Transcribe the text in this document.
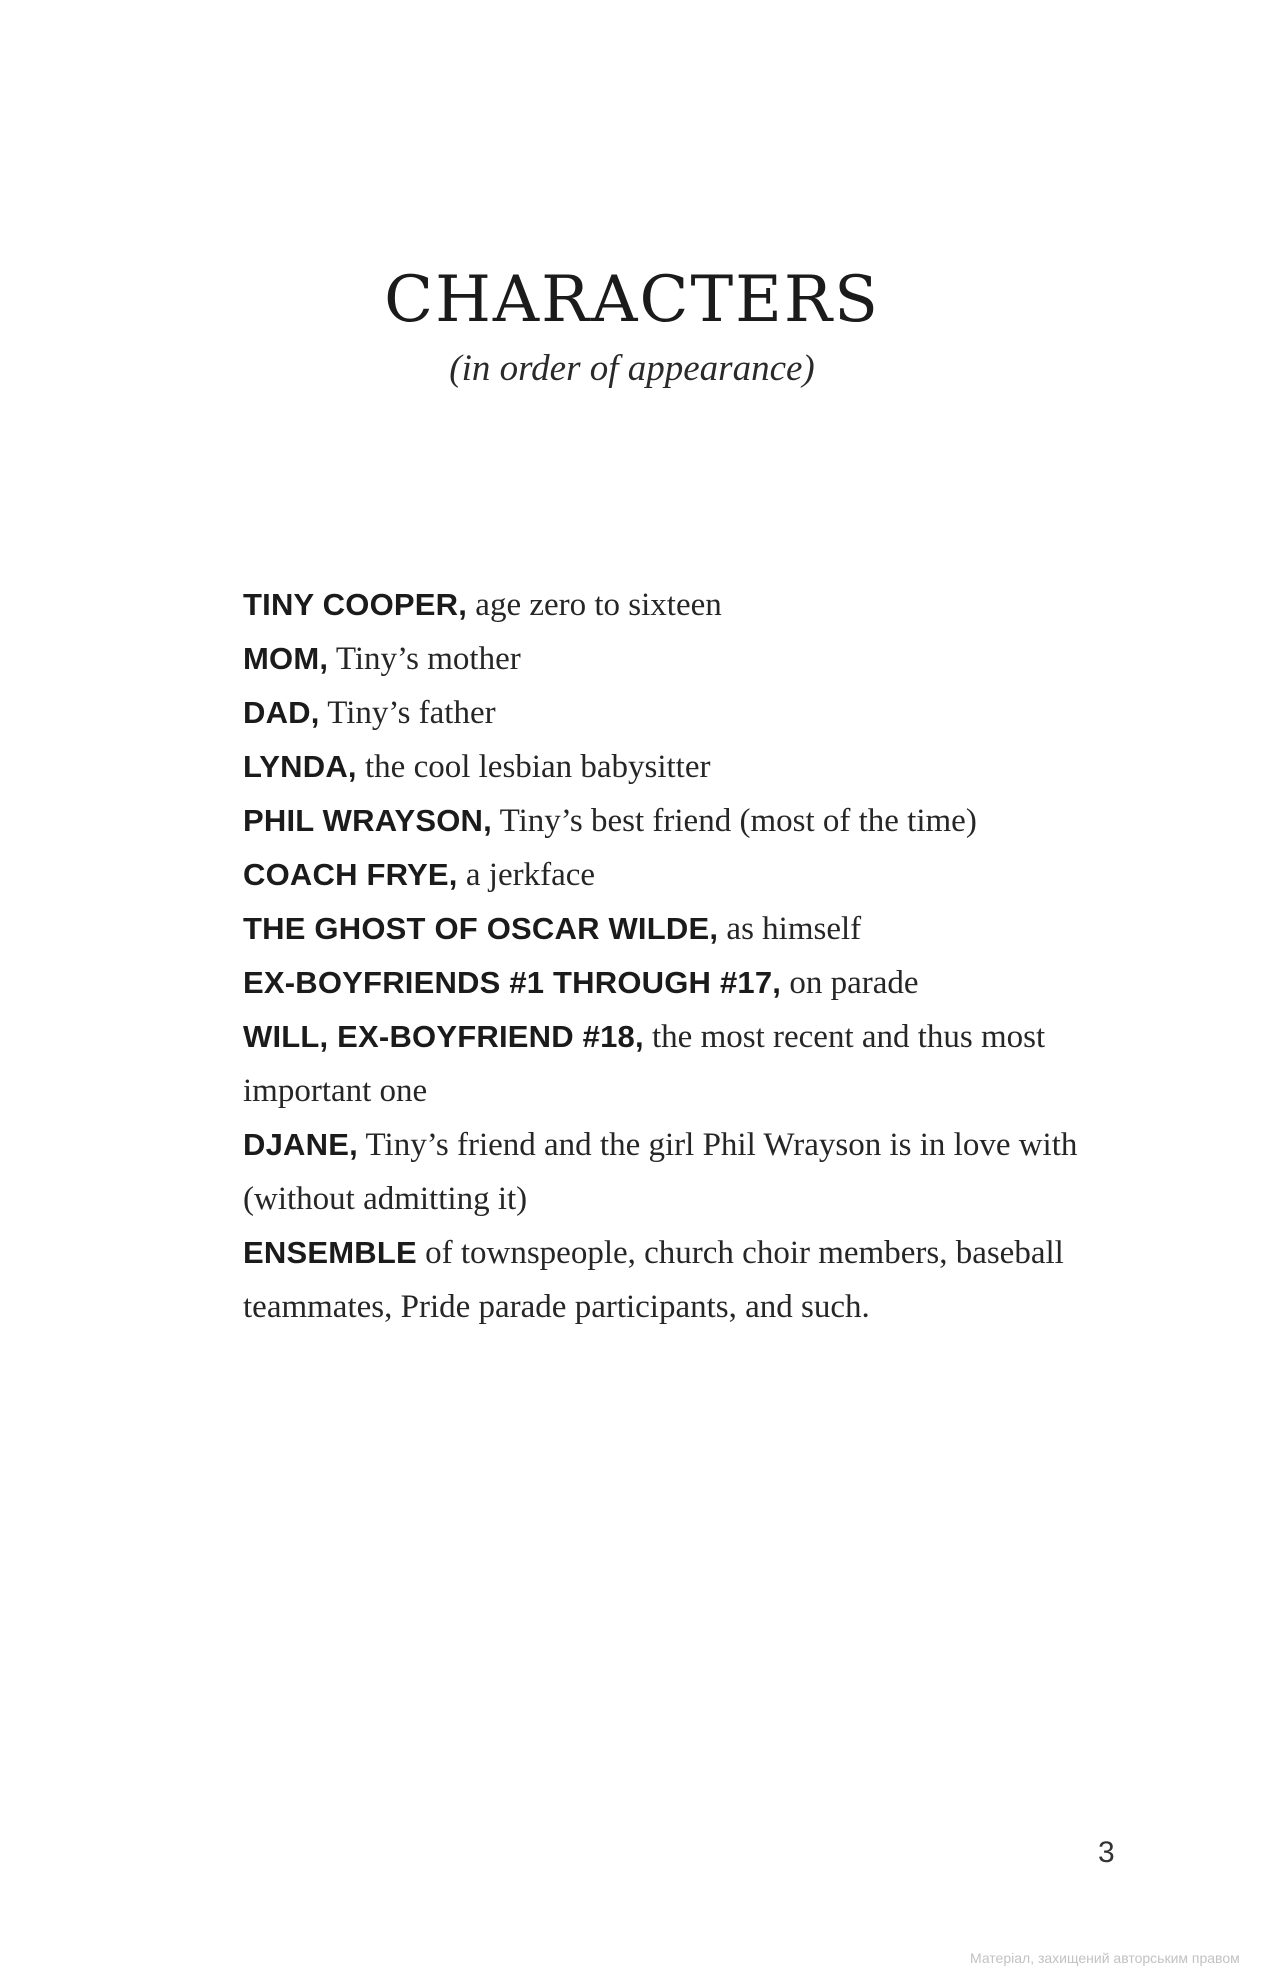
CHARACTERS

(in order of appearance)

TINY COOPER, age zero to sixteen
MOM, Tiny’s mother
DAD, Tiny’s father
LYNDA, the cool lesbian babysitter
PHIL WRAYSON, Tiny’s best friend (most of the time)
COACH FRYE, a jerkface
THE GHOST OF OSCAR WILDE, as himself
EX-BOYFRIENDS #1 THROUGH #17, on parade
WILL, EX-BOYFRIEND #18, the most recent and thus most important one
DJANE, Tiny’s friend and the girl Phil Wrayson is in love with (without admitting it)
ENSEMBLE of townspeople, church choir members, baseball teammates, Pride parade participants, and such.

3

Матеріал, захищений авторським правом
